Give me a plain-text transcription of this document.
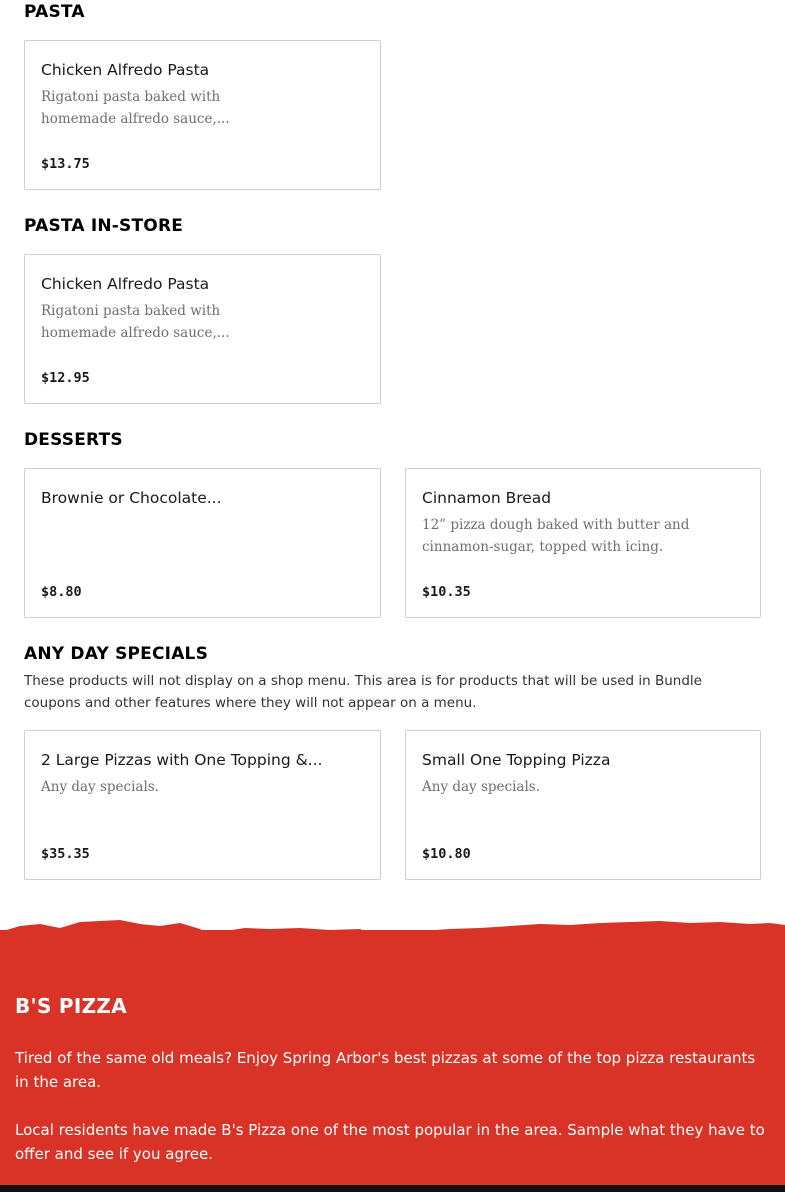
PASTA
Chicken Alfredo Pasta
Rigatoni pasta baked with homemade alfredo sauce,...
$13.75
PASTA IN-STORE
Chicken Alfredo Pasta
Rigatoni pasta baked with homemade alfredo sauce,...
$12.95
DESSERTS
Brownie or Chocolate...
$8.80
Cinnamon Bread
12” pizza dough baked with butter and cinnamon-sugar, topped with icing.
$10.35
ANY DAY SPECIALS

These products will not display on a shop menu. This area is for products that will be used in Bundle coupons and other features where they will not appear on a menu.

2 Large Pizzas with One Topping &...
Any day specials.
$35.35
Small One Topping Pizza
Any day specials.
$10.80
B'S PIZZA

Tired of the same old meals? Enjoy Spring Arbor's best pizzas at some of the top pizza restaurants in the area.

Local residents have made B's Pizza one of the most popular in the area. Sample what they have to offer and see if you agree.
